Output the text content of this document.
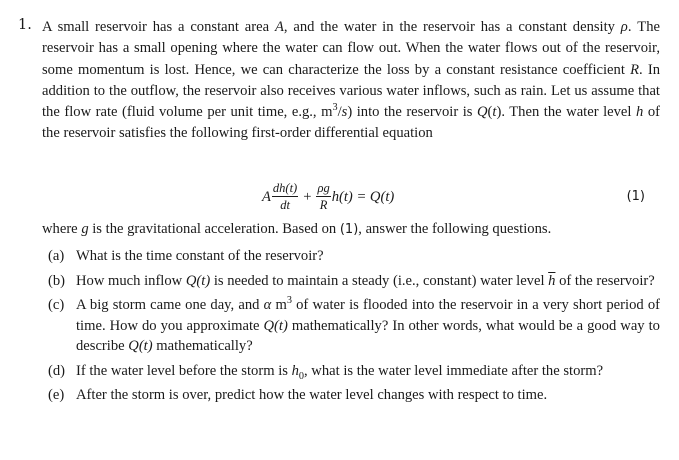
1. A small reservoir has a constant area A, and the water in the reservoir has a constant density ρ. The reservoir has a small opening where the water can flow out. When the water flows out of the reservoir, some momentum is lost. Hence, we can characterize the loss by a constant resistance coefficient R. In addition to the outflow, the reservoir also receives various water inflows, such as rain. Let us assume that the flow rate (fluid volume per unit time, e.g., $m^3/s$) into the reservoir is Q(t). Then the water level h of the reservoir satisfies the following first-order differential equation

A $\frac{dh(t)}{dt} + \frac{\rho g}{R} h(t) = Q(t)$	(1)

where g is the gravitational acceleration. Based on (1), answer the following questions.

(a) What is the time constant of the reservoir?
(b) How much inflow Q(t) is needed to maintain a steady (i.e., constant) water level $\overline{h}$ of the reservoir?
(c) A big storm came one day, and α $m^3$ of water is flooded into the reservoir in a very short period of time. How do you approximate Q(t) mathematically? In other words, what would be a good way to describe Q(t) mathematically?
(d) If the water level before the storm is $h_0$, what is the water level immediate after the storm?
(e) After the storm is over, predict how the water level changes with respect to time.
